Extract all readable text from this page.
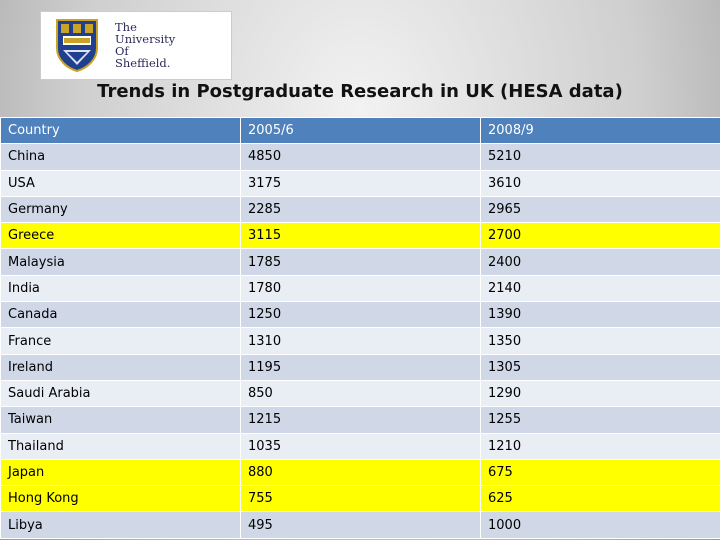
The
University
Of
Sheffield.
Trends in Postgraduate Research in UK (HESA data)
Country	2005/6	2008/9
China	4850	5210
USA	3175	3610
Germany	2285	2965
Greece	3115	2700
Malaysia	1785	2400
India	1780	2140
Canada	1250	1390
France	1310	1350
Ireland	1195	1305
Saudi Arabia	850	1290
Taiwan	1215	1255
Thailand	1035	1210
Japan	880	675
Hong Kong	755	625
Libya	495	1000
